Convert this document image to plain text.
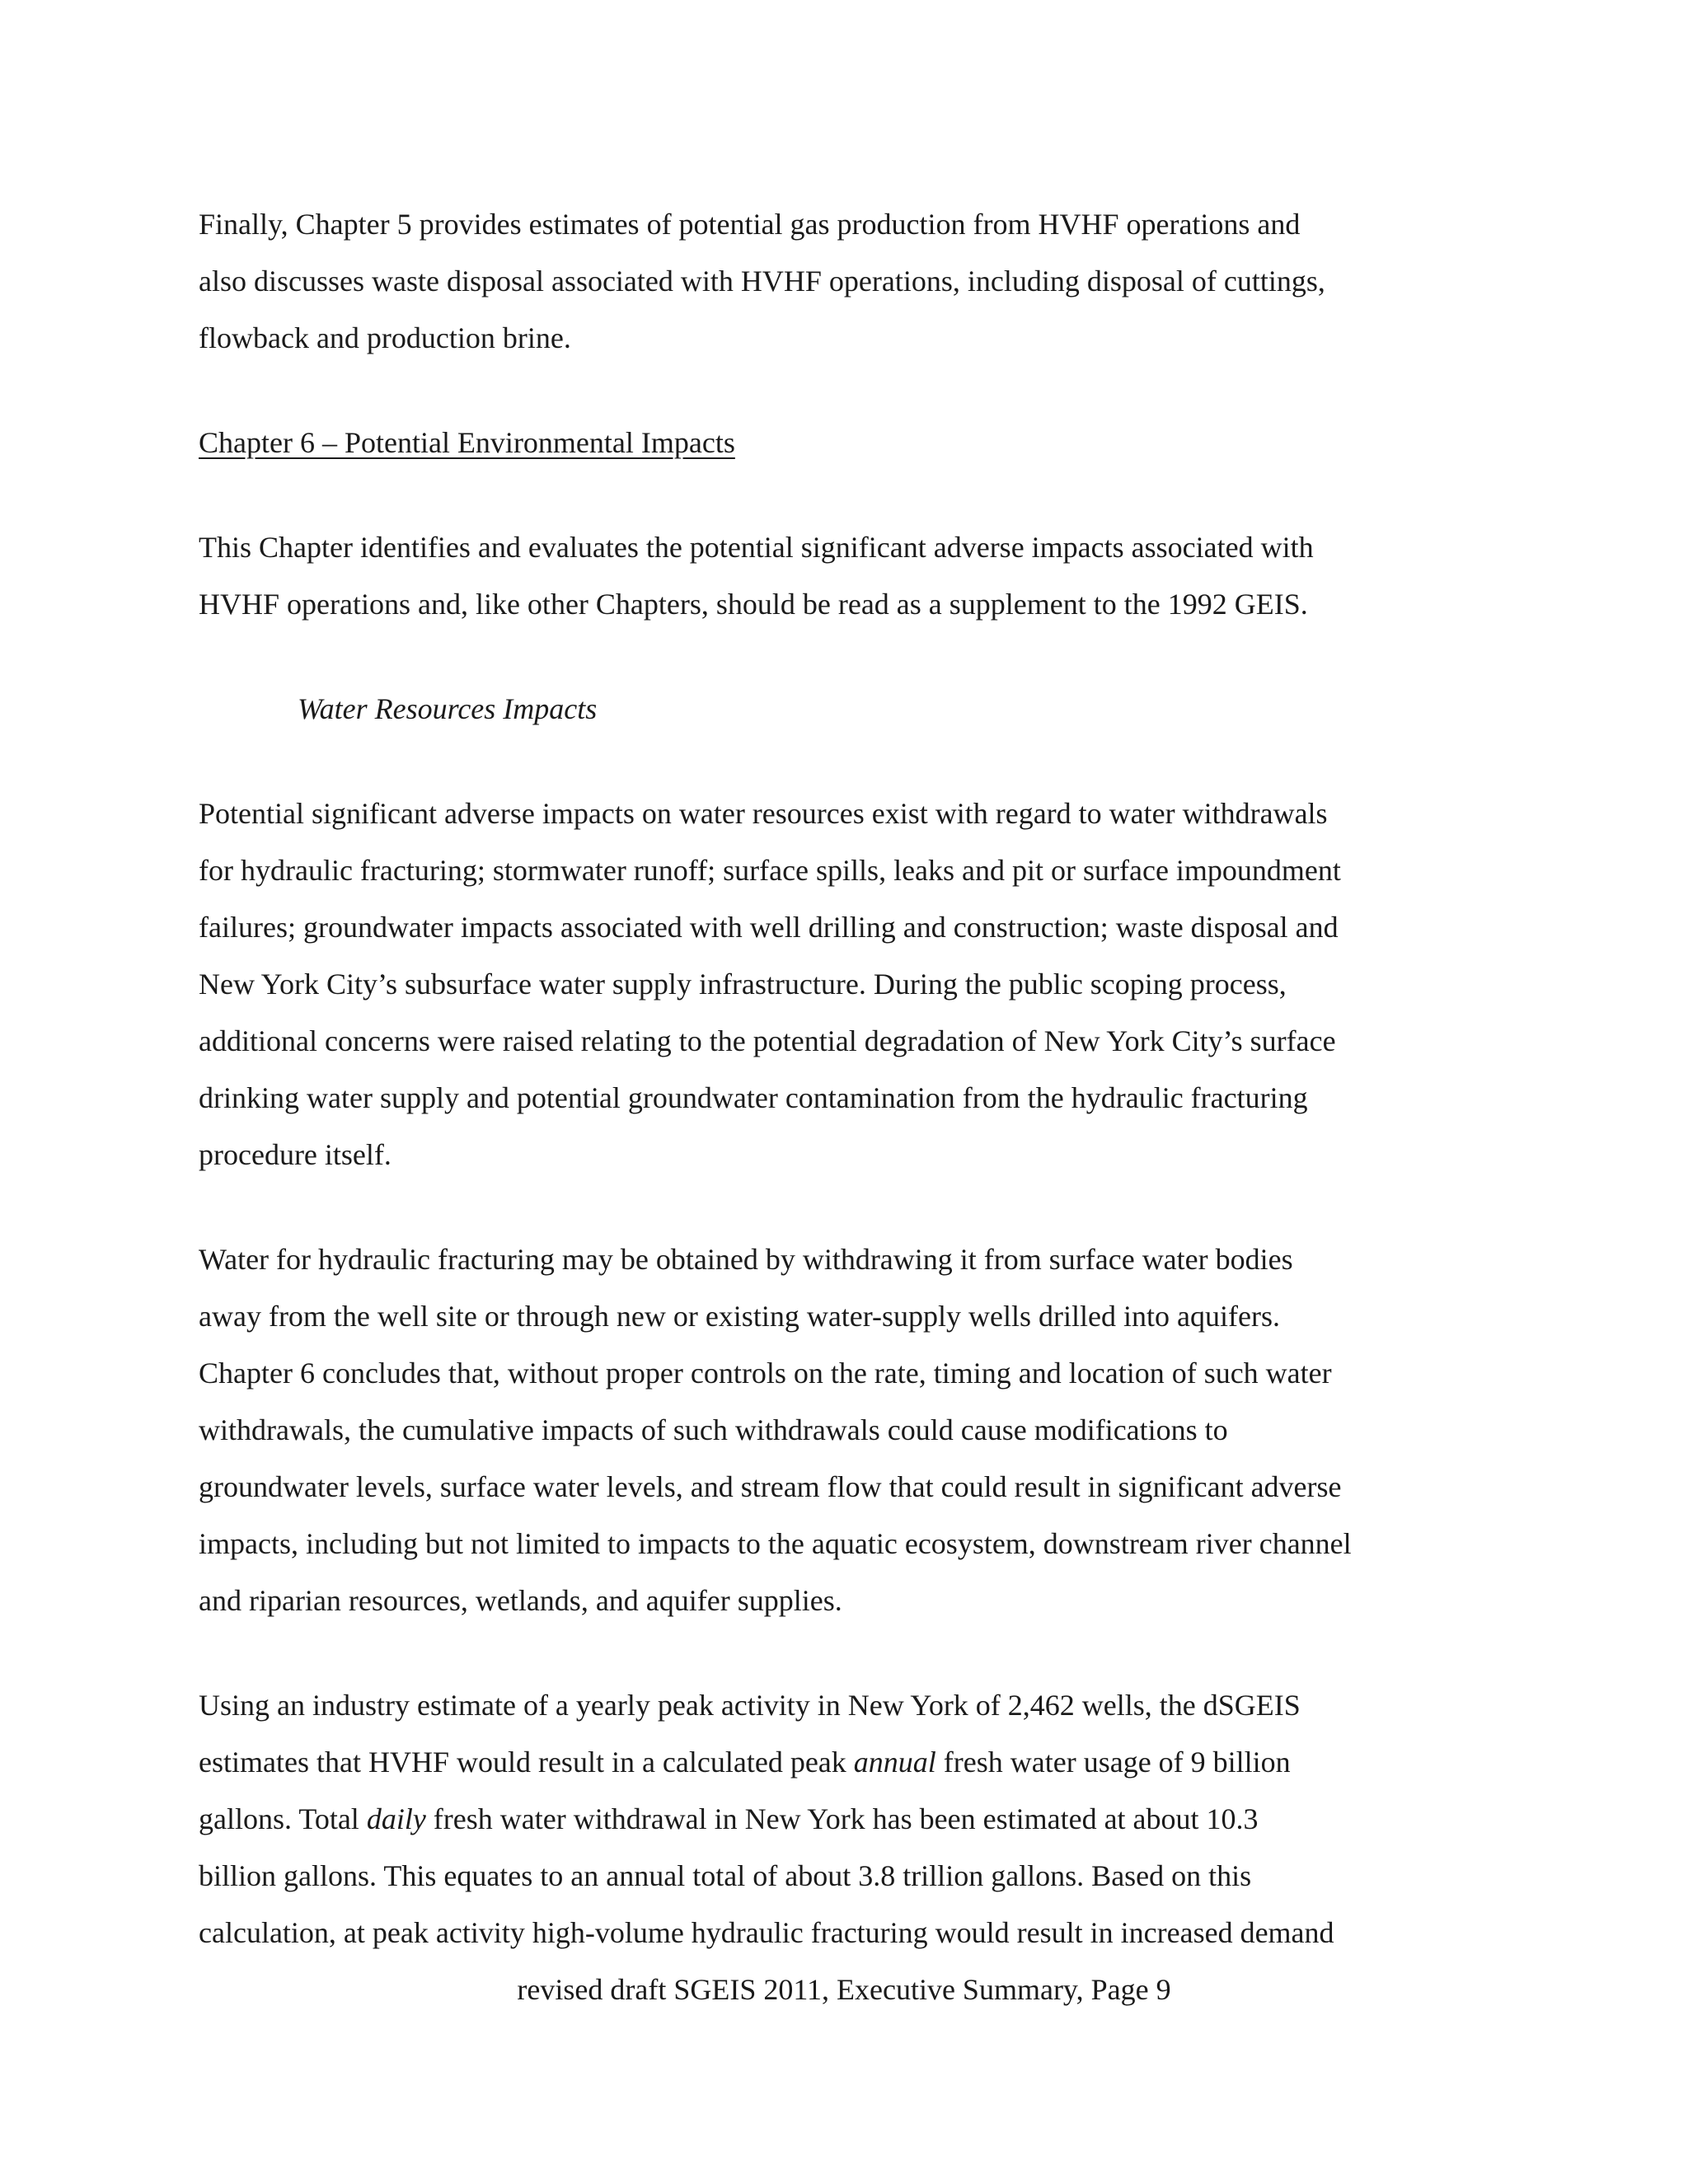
Finally, Chapter 5 provides estimates of potential gas production from HVHF operations and
also discusses waste disposal associated with HVHF operations, including disposal of cuttings,
flowback and production brine.

Chapter 6 – Potential Environmental Impacts

This Chapter identifies and evaluates the potential significant adverse impacts associated with
HVHF operations and, like other Chapters, should be read as a supplement to the 1992 GEIS.

Water Resources Impacts

Potential significant adverse impacts on water resources exist with regard to water withdrawals
for hydraulic fracturing; stormwater runoff; surface spills, leaks and pit or surface impoundment
failures; groundwater impacts associated with well drilling and construction; waste disposal and
New York City’s subsurface water supply infrastructure. During the public scoping process,
additional concerns were raised relating to the potential degradation of New York City’s surface
drinking water supply and potential groundwater contamination from the hydraulic fracturing
procedure itself.

Water for hydraulic fracturing may be obtained by withdrawing it from surface water bodies
away from the well site or through new or existing water-supply wells drilled into aquifers.
Chapter 6 concludes that, without proper controls on the rate, timing and location of such water
withdrawals, the cumulative impacts of such withdrawals could cause modifications to
groundwater levels, surface water levels, and stream flow that could result in significant adverse
impacts, including but not limited to impacts to the aquatic ecosystem, downstream river channel
and riparian resources, wetlands, and aquifer supplies.

Using an industry estimate of a yearly peak activity in New York of 2,462 wells, the dSGEIS
estimates that HVHF would result in a calculated peak annual fresh water usage of 9 billion
gallons. Total daily fresh water withdrawal in New York has been estimated at about 10.3
billion gallons. This equates to an annual total of about 3.8 trillion gallons. Based on this
calculation, at peak activity high-volume hydraulic fracturing would result in increased demand

revised draft SGEIS 2011, Executive Summary, Page 9
